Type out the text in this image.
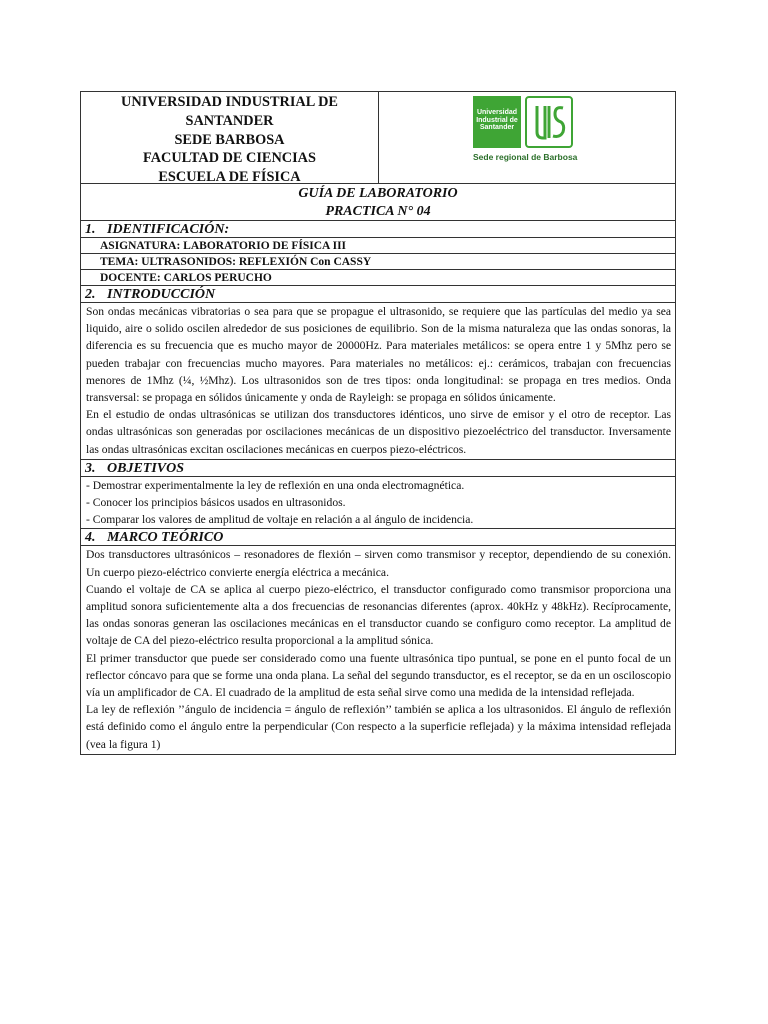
UNIVERSIDAD INDUSTRIAL DE
SANTANDER
SEDE BARBOSA
FACULTAD DE CIENCIAS
ESCUELA DE FÍSICA
Universidad
Industrial de
Santander
Sede regional de Barbosa
GUÍA DE LABORATORIO
PRACTICA N° 04
1. IDENTIFICACIÓN:
ASIGNATURA: LABORATORIO DE FÍSICA III
TEMA: ULTRASONIDOS: REFLEXIÓN Con CASSY
DOCENTE: CARLOS PERUCHO
2. INTRODUCCIÓN

Son ondas mecánicas vibratorias o sea para que se propague el ultrasonido, se requiere que las partículas del medio ya sea liquido, aire o solido oscilen alrededor de sus posiciones de equilibrio. Son de la misma naturaleza que las ondas sonoras, la diferencia es su frecuencia que es mucho mayor de 20000Hz. Para materiales metálicos: se opera entre 1 y 5Mhz pero se pueden trabajar con frecuencias mucho mayores. Para materiales no metálicos: ej.: cerámicos, trabajan con frecuencias menores de 1Mhz (¼, ½Mhz). Los ultrasonidos son de tres tipos: onda longitudinal: se propaga en tres medios. Onda transversal: se propaga en sólidos únicamente y onda de Rayleigh: se propaga en sólidos únicamente.

En el estudio de ondas ultrasónicas se utilizan dos transductores idénticos, uno sirve de emisor y el otro de receptor. Las ondas ultrasónicas son generadas por oscilaciones mecánicas de un dispositivo piezoeléctrico del transductor. Inversamente las ondas ultrasónicas excitan oscilaciones mecánicas en cuerpos piezo-eléctricos.

3. OBJETIVOS
- Demostrar experimentalmente la ley de reflexión en una onda electromagnética.
- Conocer los principios básicos usados en ultrasonidos.
- Comparar los valores de amplitud de voltaje en relación a al ángulo de incidencia.
4. MARCO TEÓRICO

Dos transductores ultrasónicos – resonadores de flexión – sirven como transmisor y receptor, dependiendo de su conexión. Un cuerpo piezo-eléctrico convierte energía eléctrica a mecánica.

Cuando el voltaje de CA se aplica al cuerpo piezo-eléctrico, el transductor configurado como transmisor proporciona una amplitud sonora suficientemente alta a dos frecuencias de resonancias diferentes (aprox. 40kHz y 48kHz). Recíprocamente, las ondas sonoras generan las oscilaciones mecánicas en el transductor cuando se configuro como receptor. La amplitud de voltaje de CA del piezo-eléctrico resulta proporcional a la amplitud sónica.

El primer transductor que puede ser considerado como una fuente ultrasónica tipo puntual, se pone en el punto focal de un reflector cóncavo para que se forme una onda plana. La señal del segundo transductor, es el receptor, se da en un osciloscopio vía un amplificador de CA. El cuadrado de la amplitud de esta señal sirve como una medida de la intensidad reflejada.

La ley de reflexión ’’ángulo de incidencia = ángulo de reflexión’’ también se aplica a los ultrasonidos. El ángulo de reflexión está definido como el ángulo entre la perpendicular (Con respecto a la superficie reflejada) y la máxima intensidad reflejada (vea la figura 1)
